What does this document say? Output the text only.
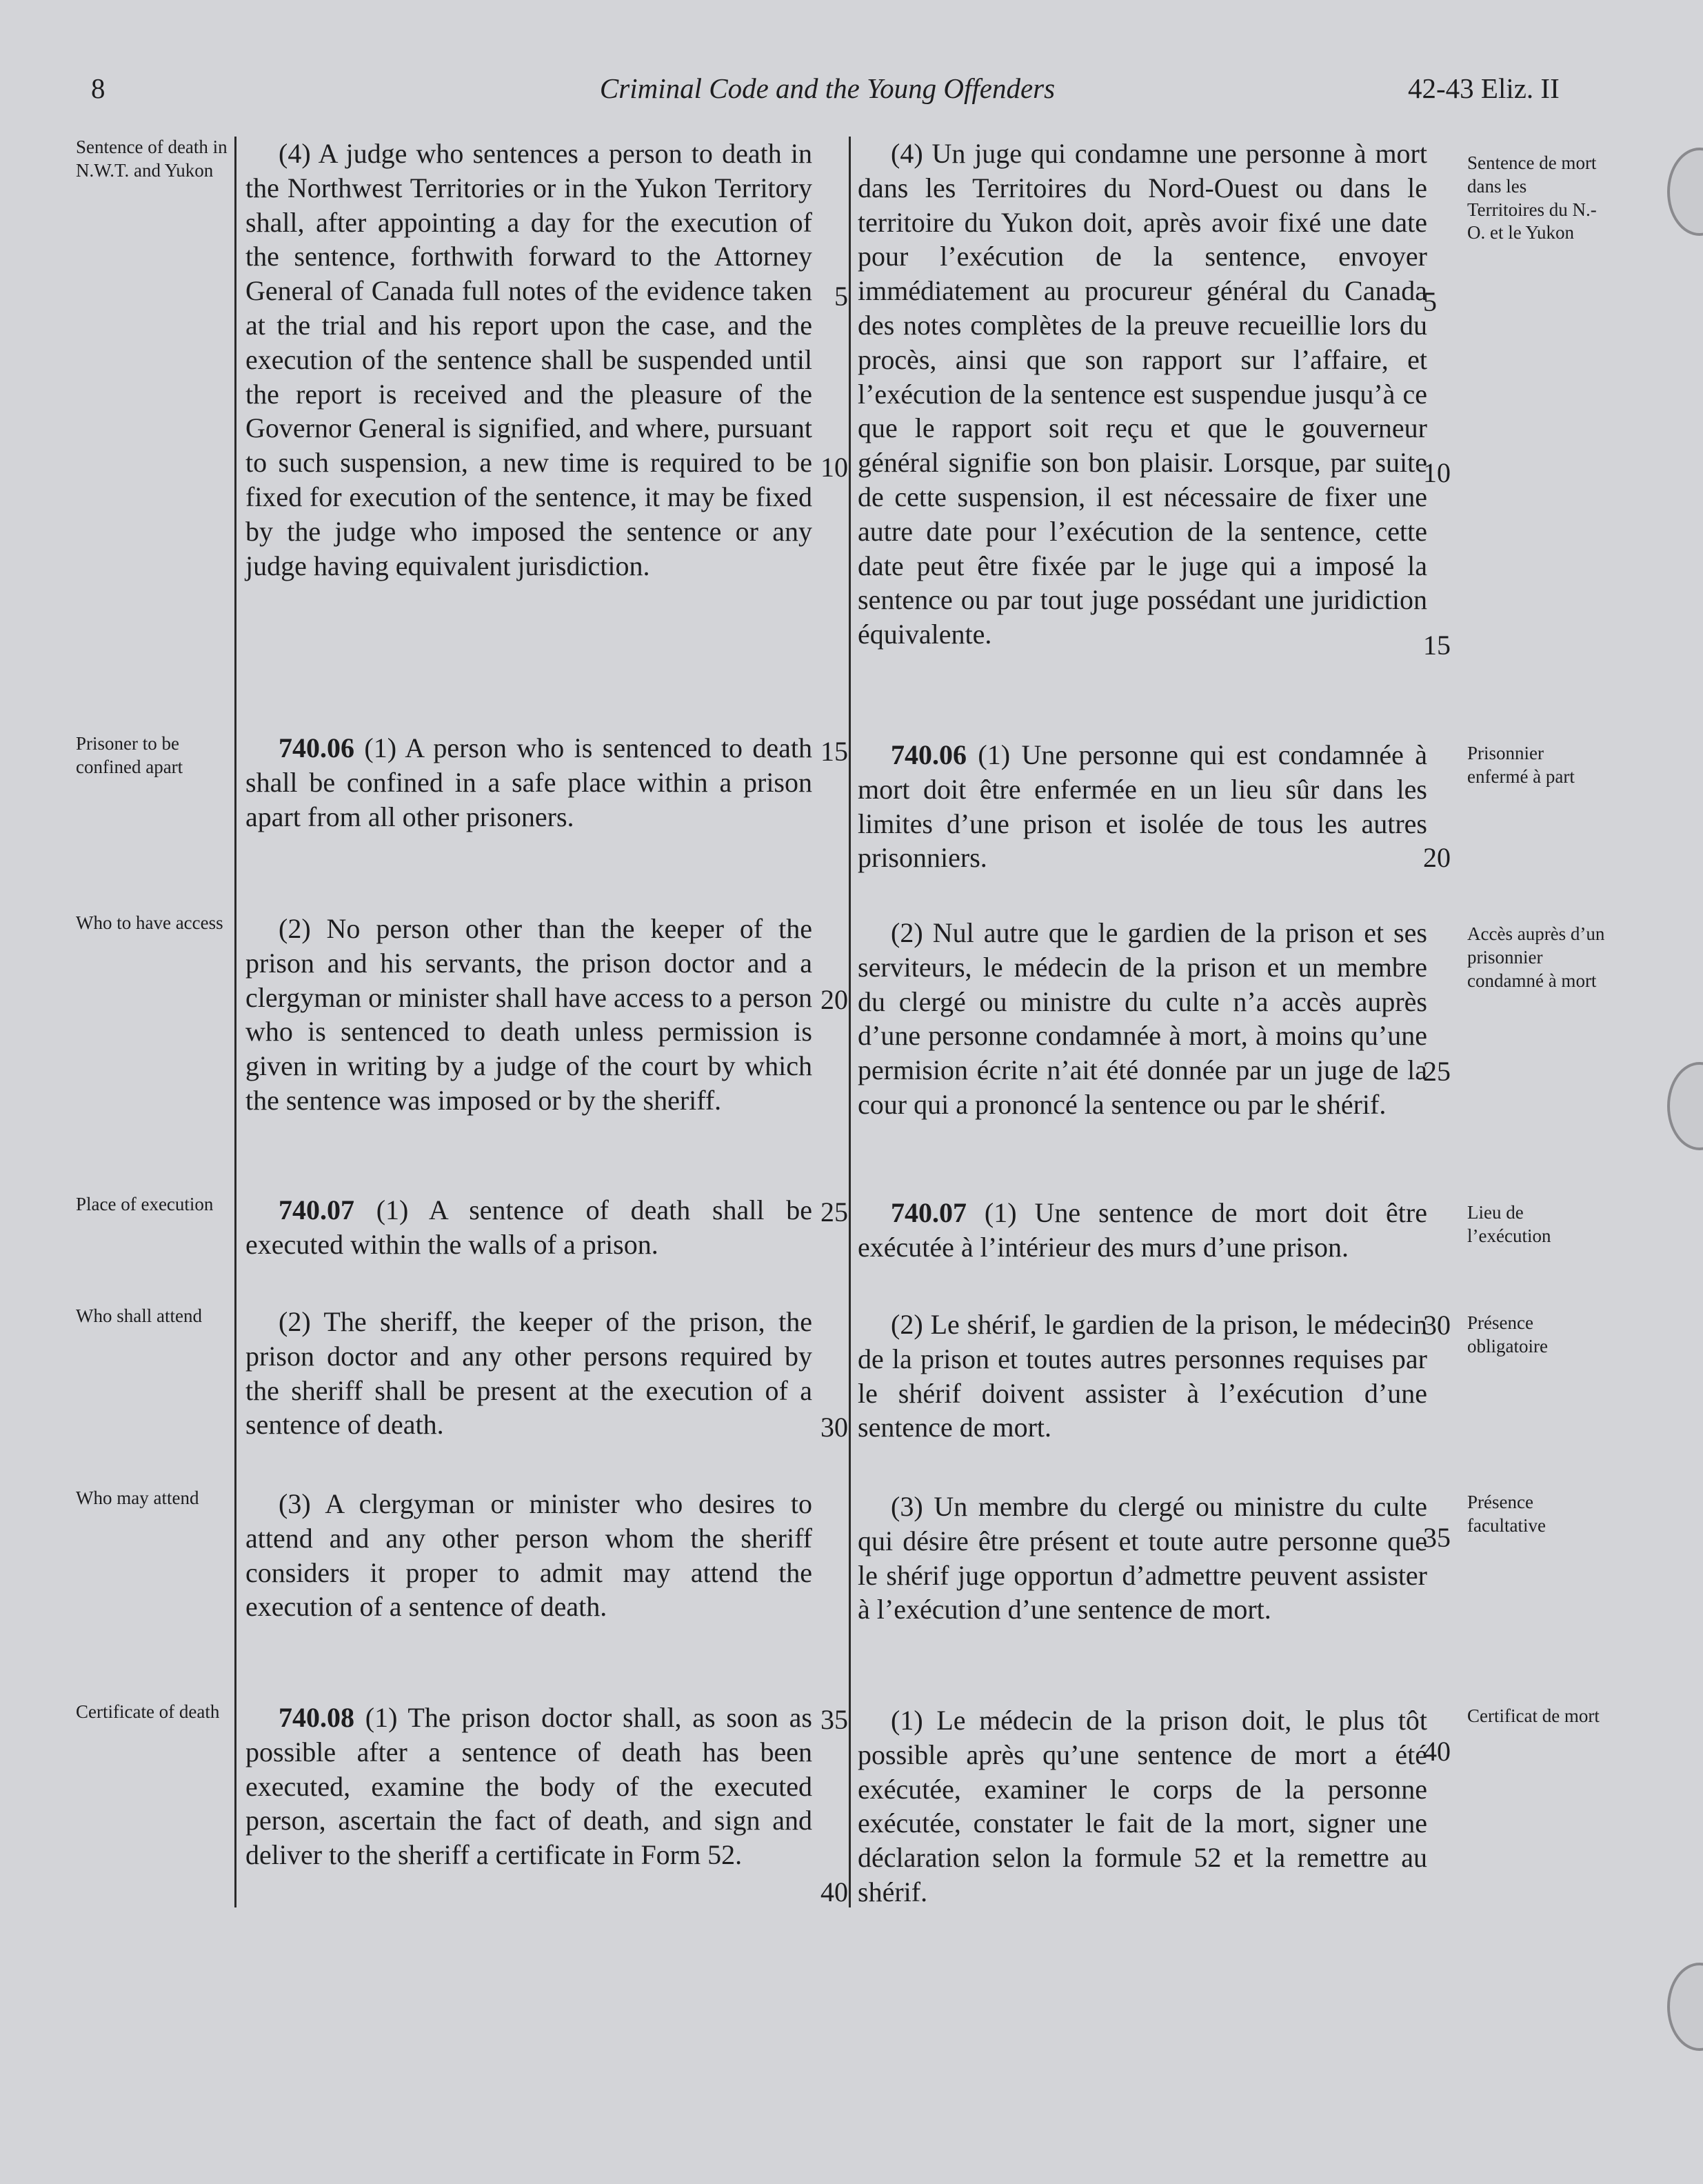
8	Criminal Code and the Young Offenders	42-43 Eliz. II
Sentence of death in N.W.T. and Yukon
Prisoner to be confined apart
Who to have access
Place of execution
Who shall attend
Who may attend
Certificate of death
Sentence de mort dans les Territoires du N.-O. et le Yukon
Prisonnier enfermé à part
Accès auprès d’un prisonnier condamné à mort
Lieu de l’exécution
Présence obligatoire
Présence facultative
Certificat de mort

(4) A judge who sentences a person to death in the Northwest Territories or in the Yukon Territory shall, after appointing a day for the execution of the sentence, forthwith forward to the Attorney General of Canada full notes of the evidence taken at the trial and his report upon the case, and the execution of the sentence shall be suspended until the report is received and the pleasure of the Governor General is signified, and where, pursuant to such suspension, a new time is required to be fixed for execution of the sentence, it may be fixed by the judge who imposed the sentence or any judge having equivalent jurisdiction.

740.06 (1) A person who is sentenced to death shall be confined in a safe place within a prison apart from all other prisoners.

(2) No person other than the keeper of the prison and his servants, the prison doctor and a clergyman or minister shall have access to a person who is sentenced to death unless permission is given in writing by a judge of the court by which the sentence was imposed or by the sheriff.

740.07 (1) A sentence of death shall be executed within the walls of a prison.

(2) The sheriff, the keeper of the prison, the prison doctor and any other persons required by the sheriff shall be present at the execution of a sentence of death.

(3) A clergyman or minister who desires to attend and any other person whom the sheriff considers it proper to admit may attend the execution of a sentence of death.

740.08 (1) The prison doctor shall, as soon as possible after a sentence of death has been executed, examine the body of the executed person, ascertain the fact of death, and sign and deliver to the sheriff a certificate in Form 52.

(4) Un juge qui condamne une personne à mort dans les Territoires du Nord-Ouest ou dans le territoire du Yukon doit, après avoir fixé une date pour l’exécution de la sentence, envoyer immédiatement au procureur général du Canada des notes complètes de la preuve recueillie lors du procès, ainsi que son rapport sur l’affaire, et l’exécution de la sentence est suspendue jusqu’à ce que le rapport soit reçu et que le gouverneur général signifie son bon plaisir. Lorsque, par suite de cette suspension, il est nécessaire de fixer une autre date pour l’exécution de la sentence, cette date peut être fixée par le juge qui a imposé la sentence ou par tout juge possédant une juridiction équivalente.

740.06 (1) Une personne qui est condamnée à mort doit être enfermée en un lieu sûr dans les limites d’une prison et isolée de tous les autres prisonniers.

(2) Nul autre que le gardien de la prison et ses serviteurs, le médecin de la prison et un membre du clergé ou ministre du culte n’a accès auprès d’une personne condamnée à mort, à moins qu’une permision écrite n’ait été donnée par un juge de la cour qui a prononcé la sentence ou par le shérif.

740.07 (1) Une sentence de mort doit être exécutée à l’intérieur des murs d’une prison.

(2) Le shérif, le gardien de la prison, le médecin de la prison et toutes autres personnes requises par le shérif doivent assister à l’exécution d’une sentence de mort.

(3) Un membre du clergé ou ministre du culte qui désire être présent et toute autre personne que le shérif juge opportun d’admettre peuvent assister à l’exécution d’une sentence de mort.

(1) Le médecin de la prison doit, le plus tôt possible après qu’une sentence de mort a été exécutée, examiner le corps de la personne exécutée, constater le fait de la mort, signer une déclaration selon la formule 52 et la remettre au shérif.

5
10
15
20
25
30
35
40
5
10
15
20
25
30
35
40
